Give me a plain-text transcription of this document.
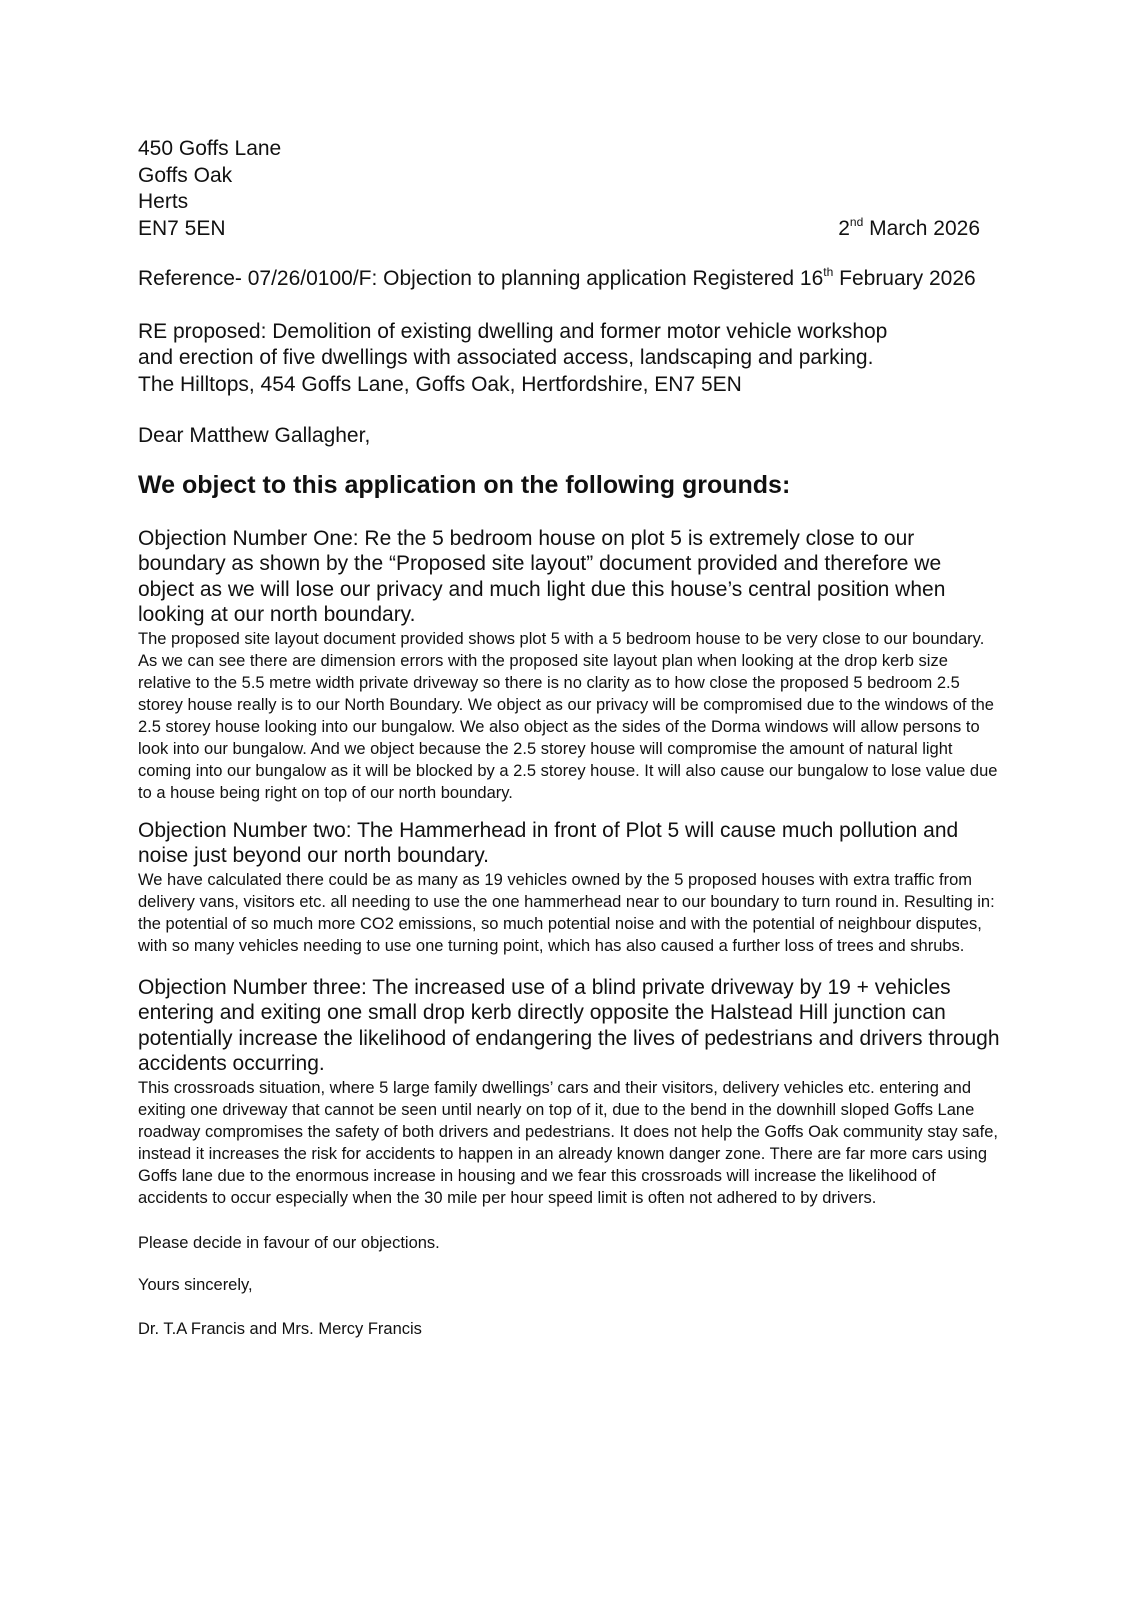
450 Goffs Lane
Goffs Oak
Herts
EN7 5EN	2nd March 2026
Reference- 07/26/0100/F: Objection to planning application Registered 16th February 2026
RE proposed: Demolition of existing dwelling and former motor vehicle workshop
and erection of five dwellings with associated access, landscaping and parking.
The Hilltops, 454 Goffs Lane, Goffs Oak, Hertfordshire, EN7 5EN
Dear Matthew Gallagher,
We object to this application on the following grounds:
Objection Number One: Re the 5 bedroom house on plot 5 is extremely close to our boundary as shown by the “Proposed site layout” document provided and therefore we object as we will lose our privacy and much light due this house’s central position when looking at our north boundary.
The proposed site layout document provided shows plot 5 with a 5 bedroom house to be very close to our boundary. As we can see there are dimension errors with the proposed site layout plan when looking at the drop kerb size relative to the 5.5 metre width private driveway so there is no clarity as to how close the proposed 5 bedroom 2.5 storey house really is to our North Boundary. We object as our privacy will be compromised due to the windows of the 2.5 storey house looking into our bungalow. We also object as the sides of the Dorma windows will allow persons to look into our bungalow. And we object because the 2.5 storey house will compromise the amount of natural light coming into our bungalow as it will be blocked by a 2.5 storey house. It will also cause our bungalow to lose value due to a house being right on top of our north boundary.
Objection Number two: The Hammerhead in front of Plot 5 will cause much pollution and noise just beyond our north boundary.
We have calculated there could be as many as 19 vehicles owned by the 5 proposed houses with extra traffic from delivery vans, visitors etc. all needing to use the one hammerhead near to our boundary to turn round in. Resulting in: the potential of so much more CO2 emissions, so much potential noise and with the potential of neighbour disputes, with so many vehicles needing to use one turning point, which has also caused a further loss of trees and shrubs.
Objection Number three: The increased use of a blind private driveway by 19 + vehicles entering and exiting one small drop kerb directly opposite the Halstead Hill junction can potentially increase the likelihood of endangering the lives of pedestrians and drivers through accidents occurring.
This crossroads situation, where 5 large family dwellings’ cars and their visitors, delivery vehicles etc. entering and exiting one driveway that cannot be seen until nearly on top of it, due to the bend in the downhill sloped Goffs Lane roadway compromises the safety of both drivers and pedestrians. It does not help the Goffs Oak community stay safe, instead it increases the risk for accidents to happen in an already known danger zone. There are far more cars using Goffs lane due to the enormous increase in housing and we fear this crossroads will increase the likelihood of accidents to occur especially when the 30 mile per hour speed limit is often not adhered to by drivers.
Please decide in favour of our objections.
Yours sincerely,
Dr. T.A Francis and Mrs. Mercy Francis
